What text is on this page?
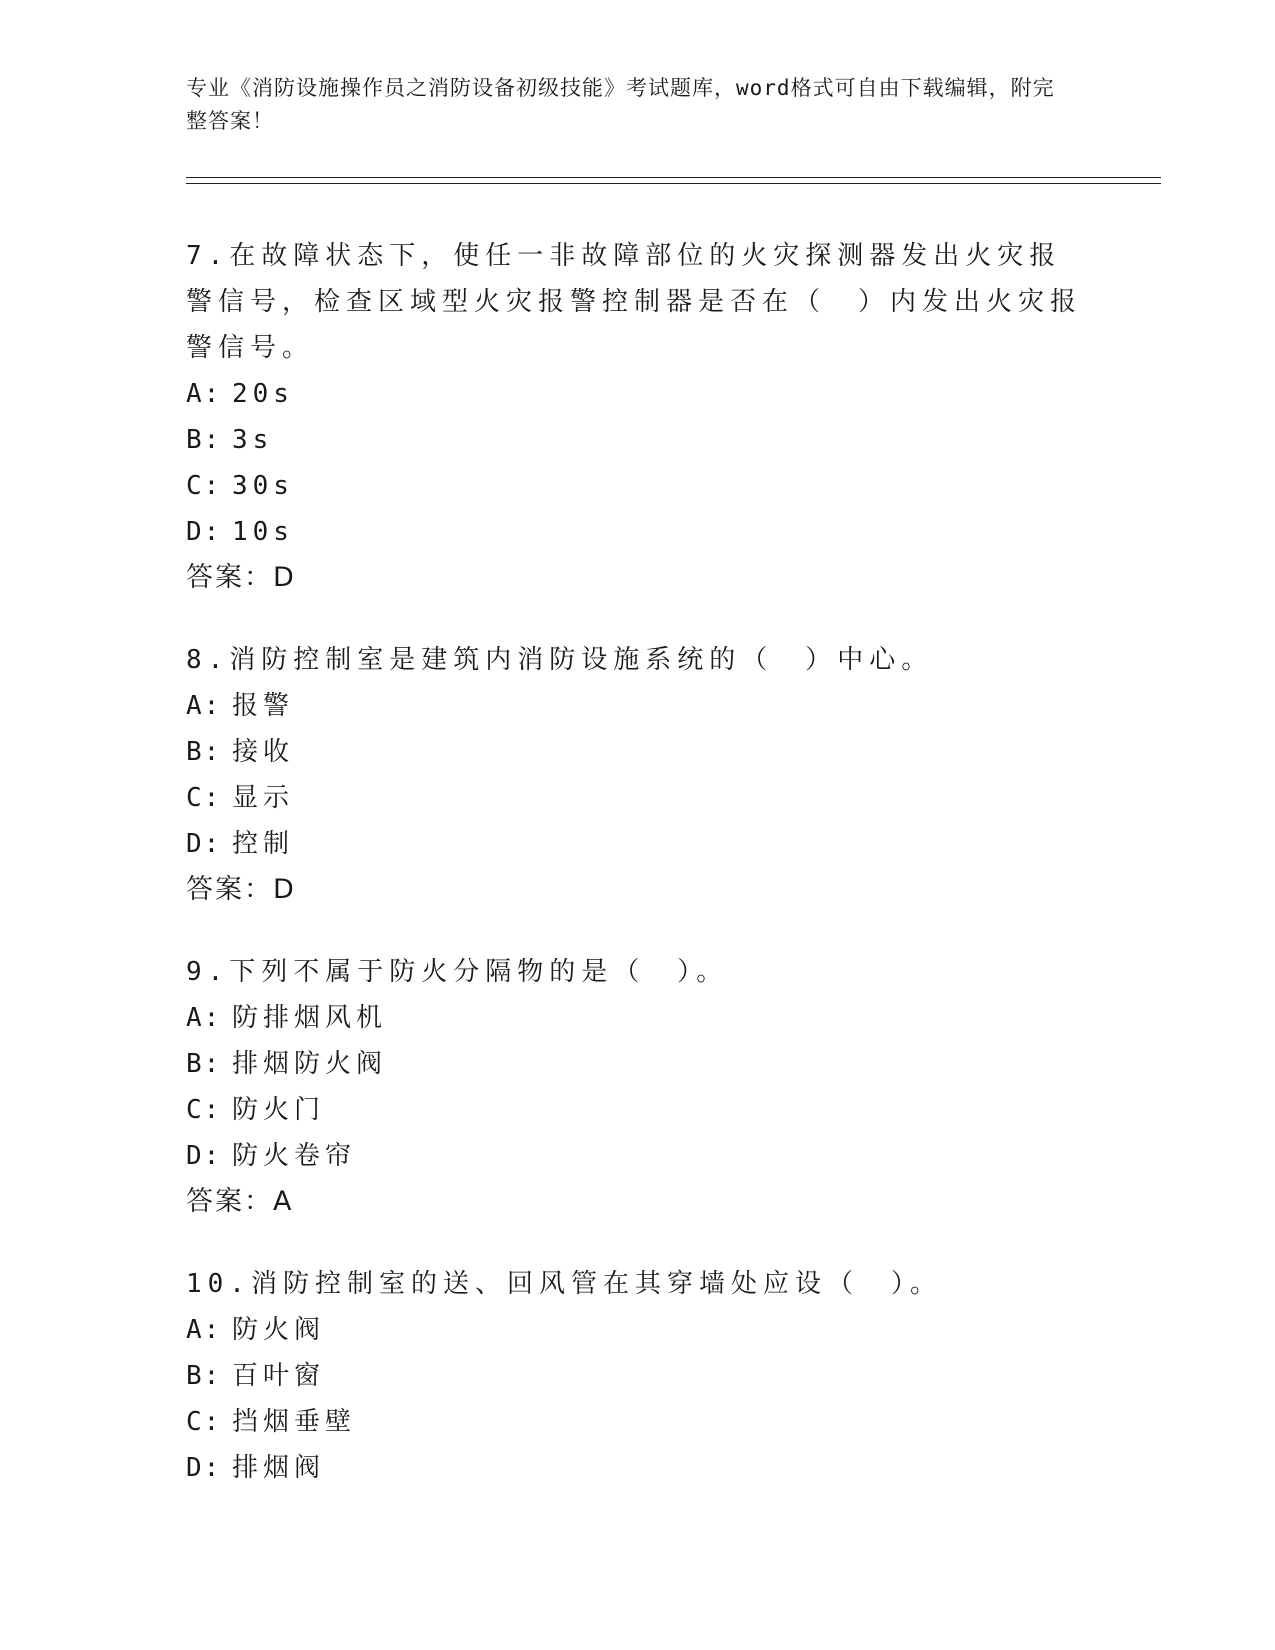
专业《消防设施操作员之消防设备初级技能》考试题库，word格式可自由下载编辑，附完整答案！

7.在故障状态下，使任一非故障部位的火灾探测器发出火灾报警信号，检查区域型火灾报警控制器是否在（　）内发出火灾报警信号。

A: 20s
B: 3s
C: 30s
D: 10s

答案：D

8.消防控制室是建筑内消防设施系统的（　）中心。

A: 报警
B: 接收
C: 显示
D: 控制

答案：D

9.下列不属于防火分隔物的是（　）。

A: 防排烟风机
B: 排烟防火阀
C: 防火门
D: 防火卷帘

答案：A

10.消防控制室的送、回风管在其穿墙处应设（　）。

A: 防火阀
B: 百叶窗
C: 挡烟垂壁
D: 排烟阀
